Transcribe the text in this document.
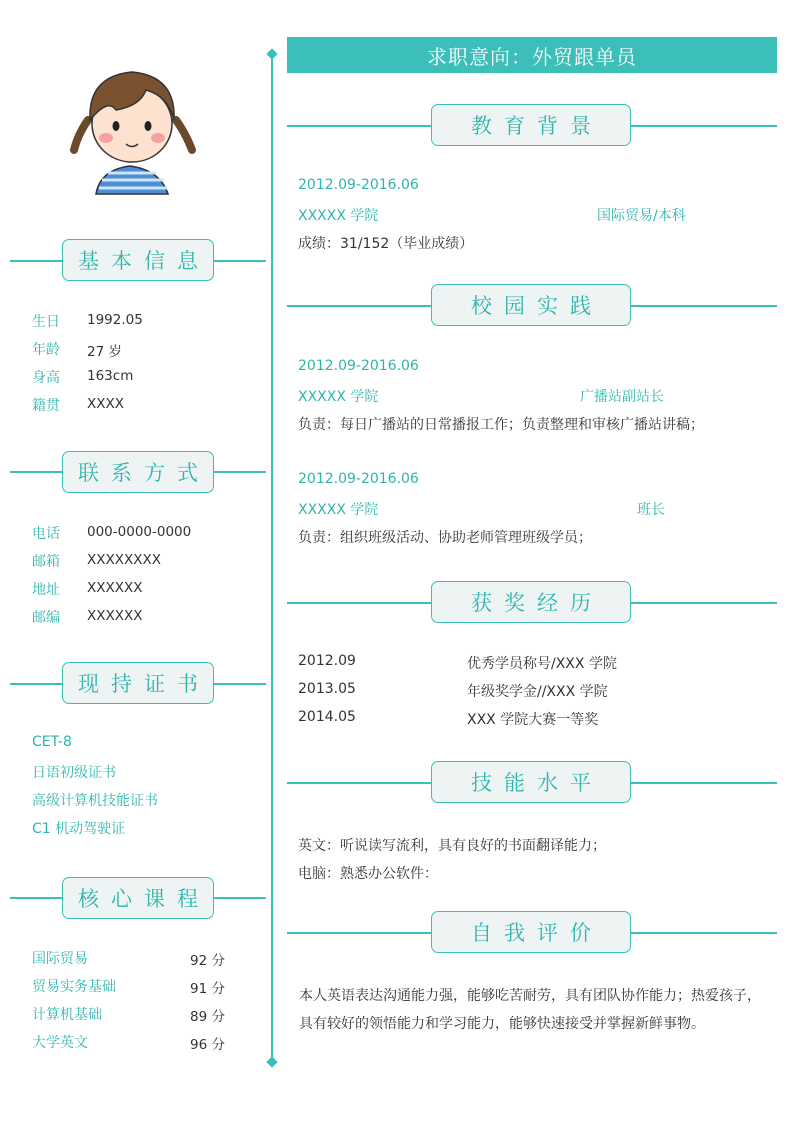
求职意向：外贸跟单员
基本信息
生日 1992.05
年龄 27 岁
身高 163cm
籍贯 XXXX
联系方式
电话 000-0000-0000
邮箱 XXXXXXXX
地址 XXXXXX
邮编 XXXXXX
现持证书
CET-8
日语初级证书
高级计算机技能证书
C1 机动驾驶证
核心课程
国际贸易	92 分
贸易实务基础	91 分
计算机基础	89 分
大学英文	96 分
教育背景
2012.09-2016.06
XXXXX 学院	国际贸易/本科
成绩：31/152（毕业成绩）
校园实践
2012.09-2016.06
XXXXX 学院	广播站副站长
负责：每日广播站的日常播报工作；负责整理和审核广播站讲稿；
2012.09-2016.06
XXXXX 学院	班长
负责：组织班级活动、协助老师管理班级学员；
获奖经历
2012.09	优秀学员称号/XXX 学院
2013.05	年级奖学金//XXX 学院
2014.05	XXX 学院大赛一等奖
技能水平
英文：听说读写流利，具有良好的书面翻译能力；
电脑：熟悉办公软件：
自我评价
本人英语表达沟通能力强，能够吃苦耐劳，具有团队协作能力；热爱孩子，具有较好的领悟能力和学习能力，能够快速接受并掌握新鲜事物。
